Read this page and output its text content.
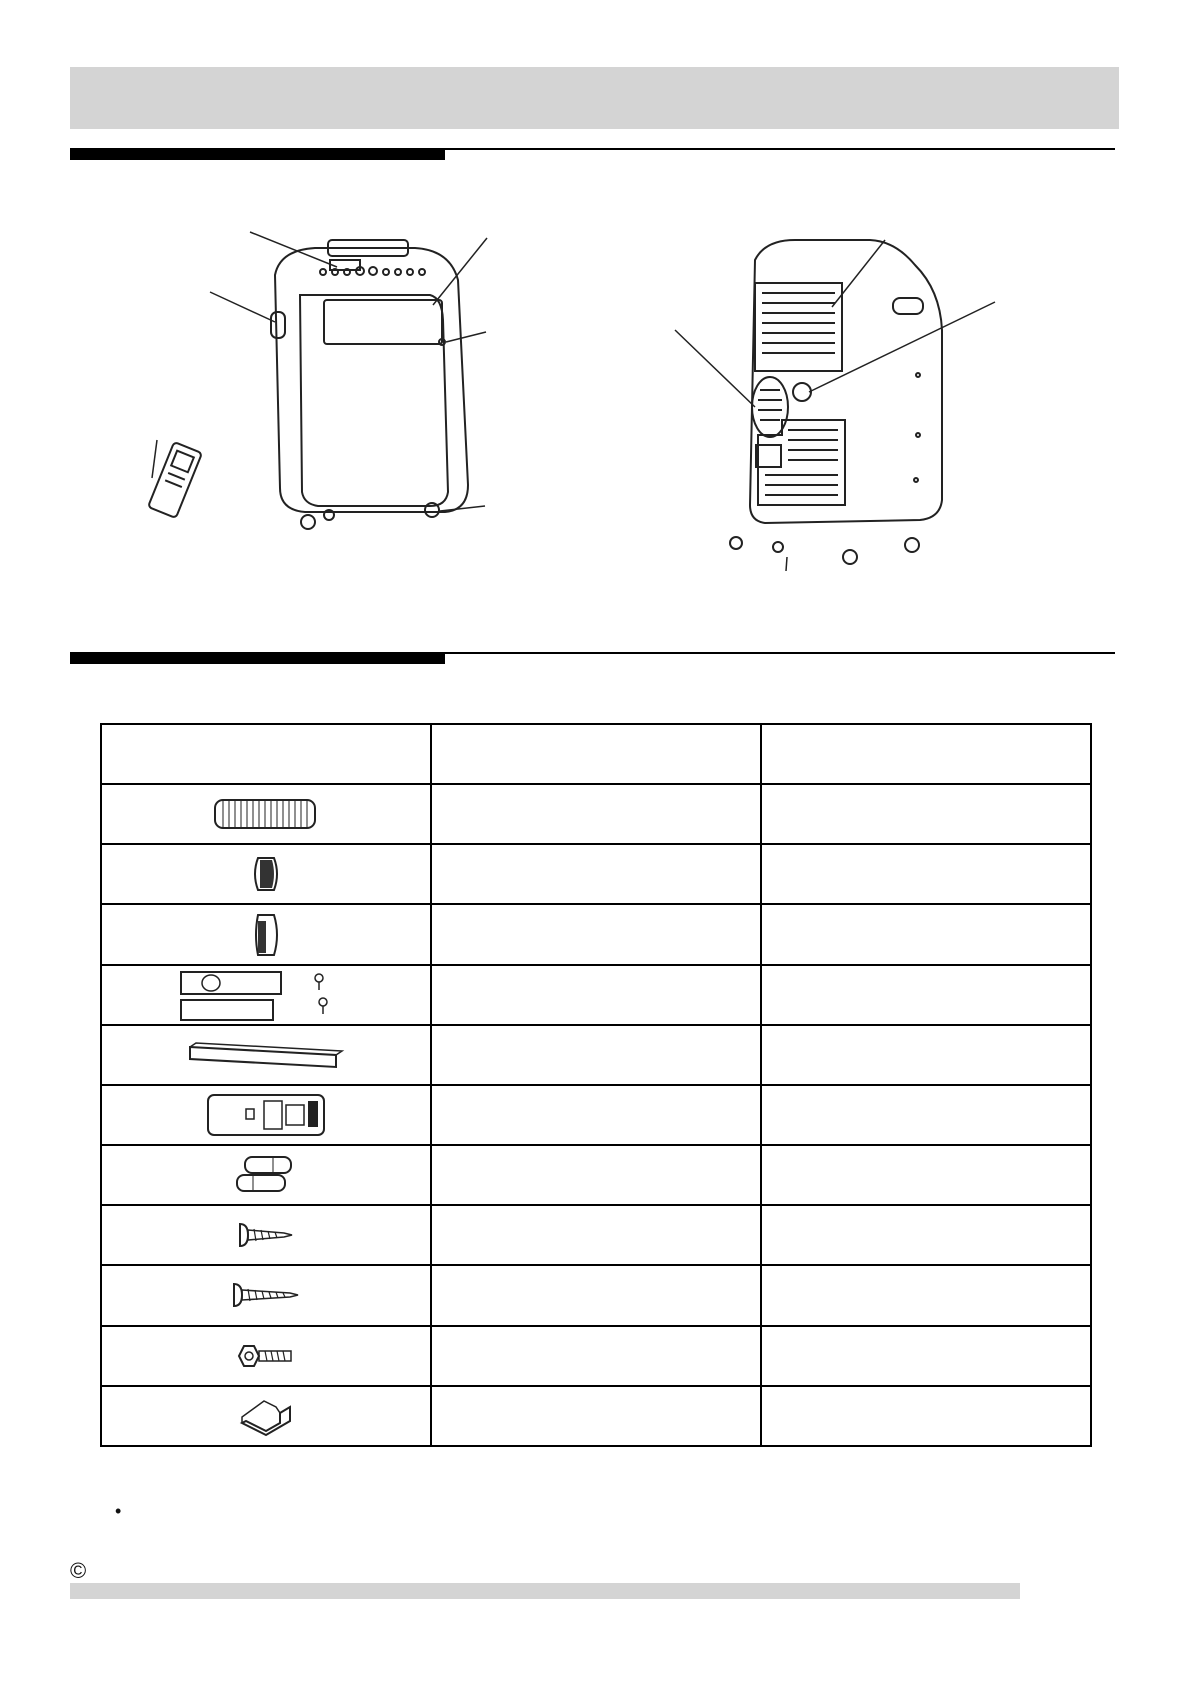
•
©
